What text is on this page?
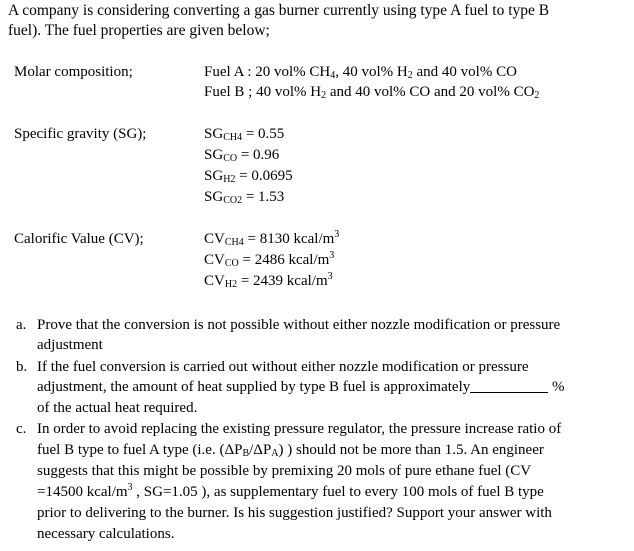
A company is considering converting a gas burner currently using type A fuel to type B
fuel). The fuel properties are given below;
Molar composition;	Fuel A : 20 vol% $CH_4$, 40 vol% $H_2$ and 40 vol% CO
Fuel B ; 40 vol% $H_2$ and 40 vol% CO and 20 vol% $CO_2$
Specific gravity (SG);	$SG_{CH4} = 0.55$
$SG_{CO} = 0.96$
$SG_{H2} = 0.0695$
$SG_{CO2} = 1.53$
Calorific Value (CV);	$CV_{CH4} = 8130$ kcal/$m^3$
$CV_{CO} = 2486$ kcal/$m^3$
$CV_{H2} = 2439$ kcal/$m^3$
a. Prove that the conversion is not possible without either nozzle modification or pressure
adjustment
b. If the fuel conversion is carried out without either nozzle modification or pressure
adjustment, the amount of heat supplied by type B fuel is approximately	%
of the actual heat required.
c. In order to avoid replacing the existing pressure regulator, the pressure increase ratio of
fuel B type to fuel A type (i.e. $(\Delta P_B/\Delta P_A)$ ) should not be more than 1.5. An engineer
suggests that this might be possible by premixing 20 mols of pure ethane fuel (CV
=14500 kcal/$m^3$ , SG=1.05 ), as supplementary fuel to every 100 mols of fuel B type
prior to delivering to the burner. Is his suggestion justified? Support your answer with
necessary calculations.
